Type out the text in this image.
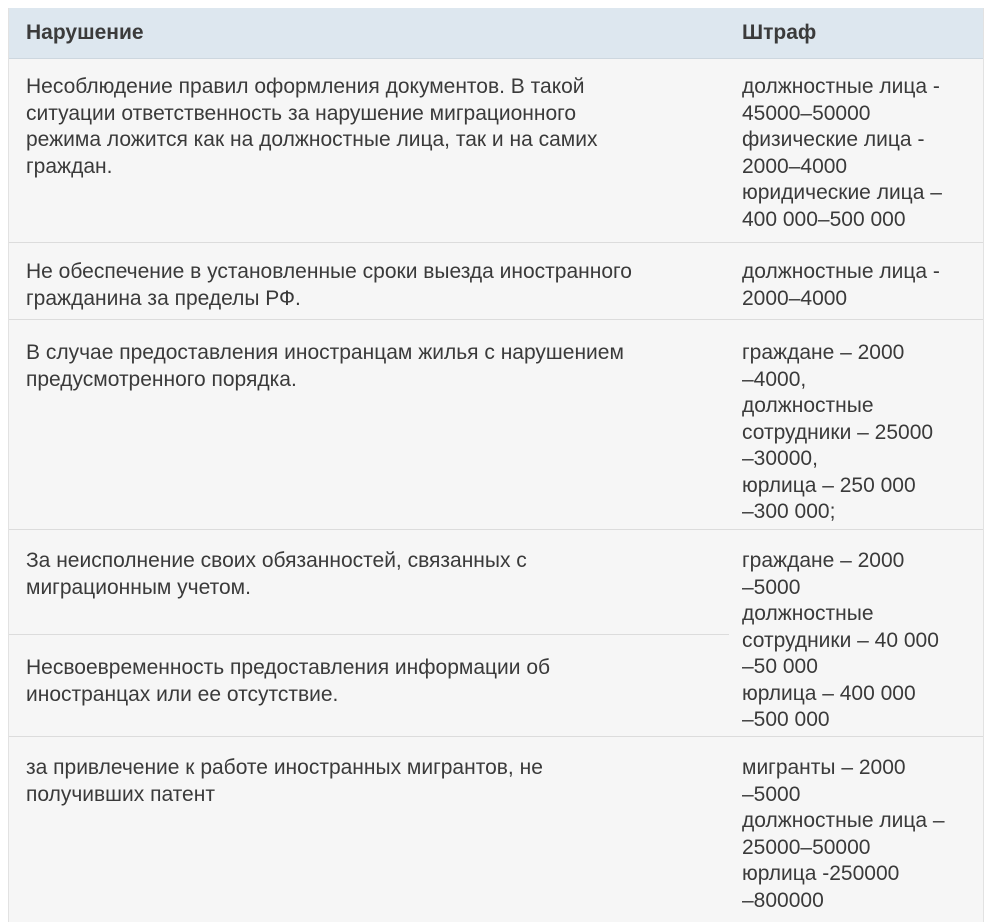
Нарушение	Штраф
Несоблюдение правил оформления документов. В такой
ситуации ответственность за нарушение миграционного
режима ложится как на должностные лица, так и на самих
граждан.
должностные лица -
45000–50000
физические лица -
2000–4000
юридические лица –
400 000–500 000
Не обеспечение в установленные сроки выезда иностранного
гражданина за пределы РФ.
должностные лица -
2000–4000
В случае предоставления иностранцам жилья с нарушением
предусмотренного порядка.
граждане – 2000
–4000,
должностные
сотрудники – 25000
–30000,
юрлица – 250 000
–300 000;
За неисполнение своих обязанностей, связанных с
миграционным учетом.
Несвоевременность предоставления информации об
иностранцах или ее отсутствие.
граждане – 2000
–5000
должностные
сотрудники – 40 000
–50 000
юрлица – 400 000
–500 000
за привлечение к работе иностранных мигрантов, не
получивших патент
мигранты – 2000
–5000
должностные лица –
25000–50000
юрлица -250000
–800000
